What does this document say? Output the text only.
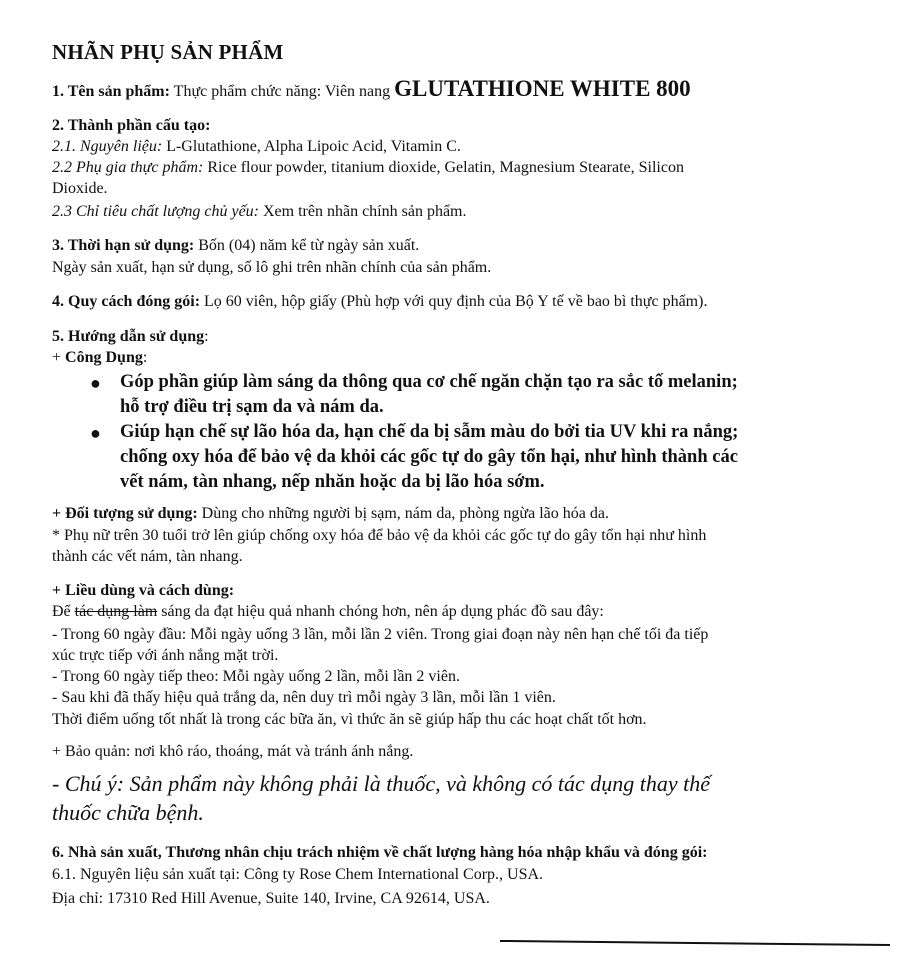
NHÃN PHỤ SẢN PHẨM
1. Tên sản phẩm: Thực phẩm chức năng: Viên nang GLUTATHIONE WHITE 800
2. Thành phần cấu tạo:
2.1. Nguyên liệu: L-Glutathione, Alpha Lipoic Acid, Vitamin C.
2.2 Phụ gia thực phẩm: Rice flour powder, titanium dioxide, Gelatin, Magnesium Stearate, Silicon
Dioxide.
2.3 Chỉ tiêu chất lượng chủ yếu: Xem trên nhãn chính sản phẩm.
3. Thời hạn sử dụng: Bốn (04) năm kể từ ngày sản xuất.
Ngày sản xuất, hạn sử dụng, số lô ghi trên nhãn chính của sản phẩm.
4. Quy cách đóng gói: Lọ 60 viên, hộp giấy (Phù hợp với quy định của Bộ Y tế về bao bì thực phẩm).
5. Hướng dẫn sử dụng:
+ Công Dụng:
● Góp phần giúp làm sáng da thông qua cơ chế ngăn chặn tạo ra sắc tố melanin;
hỗ trợ điều trị sạm da và nám da.
● Giúp hạn chế sự lão hóa da, hạn chế da bị sẫm màu do bởi tia UV khi ra nắng;
chống oxy hóa để bảo vệ da khỏi các gốc tự do gây tổn hại, như hình thành các
vết nám, tàn nhang, nếp nhăn hoặc da bị lão hóa sớm.
+ Đối tượng sử dụng: Dùng cho những người bị sạm, nám da, phòng ngừa lão hóa da.
* Phụ nữ trên 30 tuổi trở lên giúp chống oxy hóa để bảo vệ da khỏi các gốc tự do gây tổn hại như hình
thành các vết nám, tàn nhang.
+ Liều dùng và cách dùng:
Để tác dụng làm sáng da đạt hiệu quả nhanh chóng hơn, nên áp dụng phác đồ sau đây:
- Trong 60 ngày đầu: Mỗi ngày uống 3 lần, mỗi lần 2 viên. Trong giai đoạn này nên hạn chế tối đa tiếp
xúc trực tiếp với ánh nắng mặt trời.
- Trong 60 ngày tiếp theo: Mỗi ngày uống 2 lần, mỗi lần 2 viên.
- Sau khi đã thấy hiệu quả trắng da, nên duy trì mỗi ngày 3 lần, mỗi lần 1 viên.
Thời điểm uống tốt nhất là trong các bữa ăn, vì thức ăn sẽ giúp hấp thu các hoạt chất tốt hơn.
+ Bảo quản: nơi khô ráo, thoáng, mát và tránh ánh nắng.
- Chú ý: Sản phẩm này không phải là thuốc, và không có tác dụng thay thế
thuốc chữa bệnh.
6. Nhà sản xuất, Thương nhân chịu trách nhiệm về chất lượng hàng hóa nhập khẩu và đóng gói:
6.1. Nguyên liệu sản xuất tại: Công ty Rose Chem International Corp., USA.
Địa chỉ: 17310 Red Hill Avenue, Suite 140, Irvine, CA 92614, USA.
